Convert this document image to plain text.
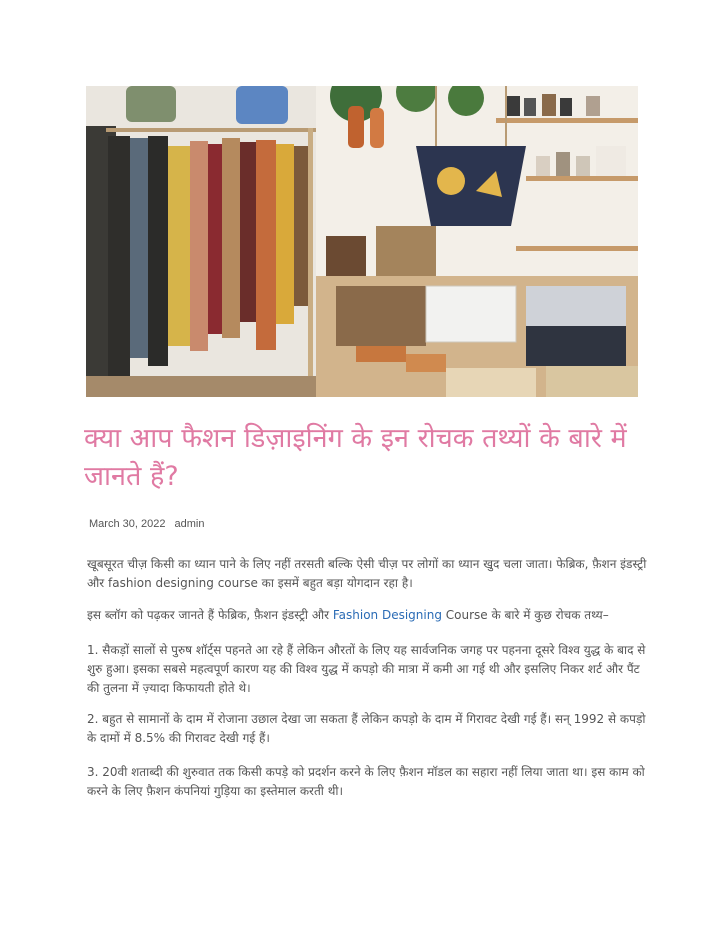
क्या आप फैशन डिज़ाइनिंग के इन रोचक तथ्यों के बारे में जानते हैं?
March 30, 2022 admin

खूबसूरत चीज़ किसी का ध्यान पाने के लिए नहीं तरसती बल्कि ऐसी चीज़ पर लोगों का ध्यान खुद चला जाता। फेब्रिक, फ़ैशन इंडस्ट्री और fashion designing course का इसमें बहुत बड़ा योगदान रहा है।

इस ब्लॉग को पढ़कर जानते हैं फेब्रिक, फ़ैशन इंडस्ट्री और Fashion Designing Course के बारे में कुछ रोचक तथ्य–

1. सैकड़ों सालों से पुरुष शॉर्ट्स पहनते आ रहे हैं लेकिन औरतों के लिए यह सार्वजनिक जगह पर पहनना दूसरे विश्व युद्ध के बाद से शुरु हुआ। इसका सबसे महत्वपूर्ण कारण यह की विश्व युद्ध में कपड़ो की मात्रा में कमी आ गई थी और इसलिए निकर शर्ट और पैंट की तुलना में ज़्यादा किफायती होते थे।

2. बहुत से सामानों के दाम में रोजाना उछाल देखा जा सकता हैं लेकिन कपड़ो के दाम में गिरावट देखी गई हैं। सन् 1992 से कपड़ो के दामों में 8.5% की गिरावट देखी गई हैं।

3. 20वी शताब्दी की शुरुवात तक किसी कपड़े को प्रदर्शन करने के लिए फ़ैशन मॉडल का सहारा नहीं लिया जाता था। इस काम को करने के लिए फ़ैशन कंपनियां गुड़िया का इस्तेमाल करती थी।
